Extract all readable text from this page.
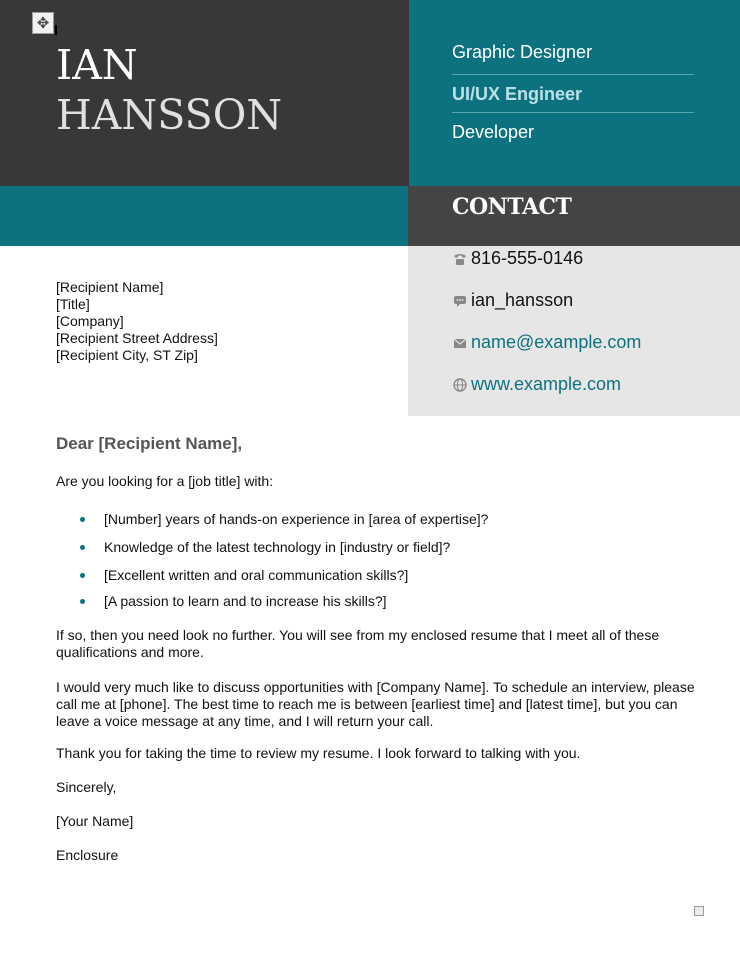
✥
IAN
HANSSON
Graphic Designer
UI/UX Engineer
Developer
CONTACT
816-555-0146
ian_hansson
name@example.com
www.example.com
[Recipient Name]
[Title]
[Company]
[Recipient Street Address]
[Recipient City, ST Zip]
Dear [Recipient Name],
Are you looking for a [job title] with:
[Number] years of hands-on experience in [area of expertise]?
Knowledge of the latest technology in [industry or field]?
[Excellent written and oral communication skills?]
[A passion to learn and to increase his skills?]
If so, then you need look no further. You will see from my enclosed resume that I meet all of these qualifications and more.
I would very much like to discuss opportunities with [Company Name]. To schedule an interview, please call me at [phone]. The best time to reach me is between [earliest time] and [latest time], but you can leave a voice message at any time, and I will return your call.
Thank you for taking the time to review my resume. I look forward to talking with you.
Sincerely,
[Your Name]
Enclosure
